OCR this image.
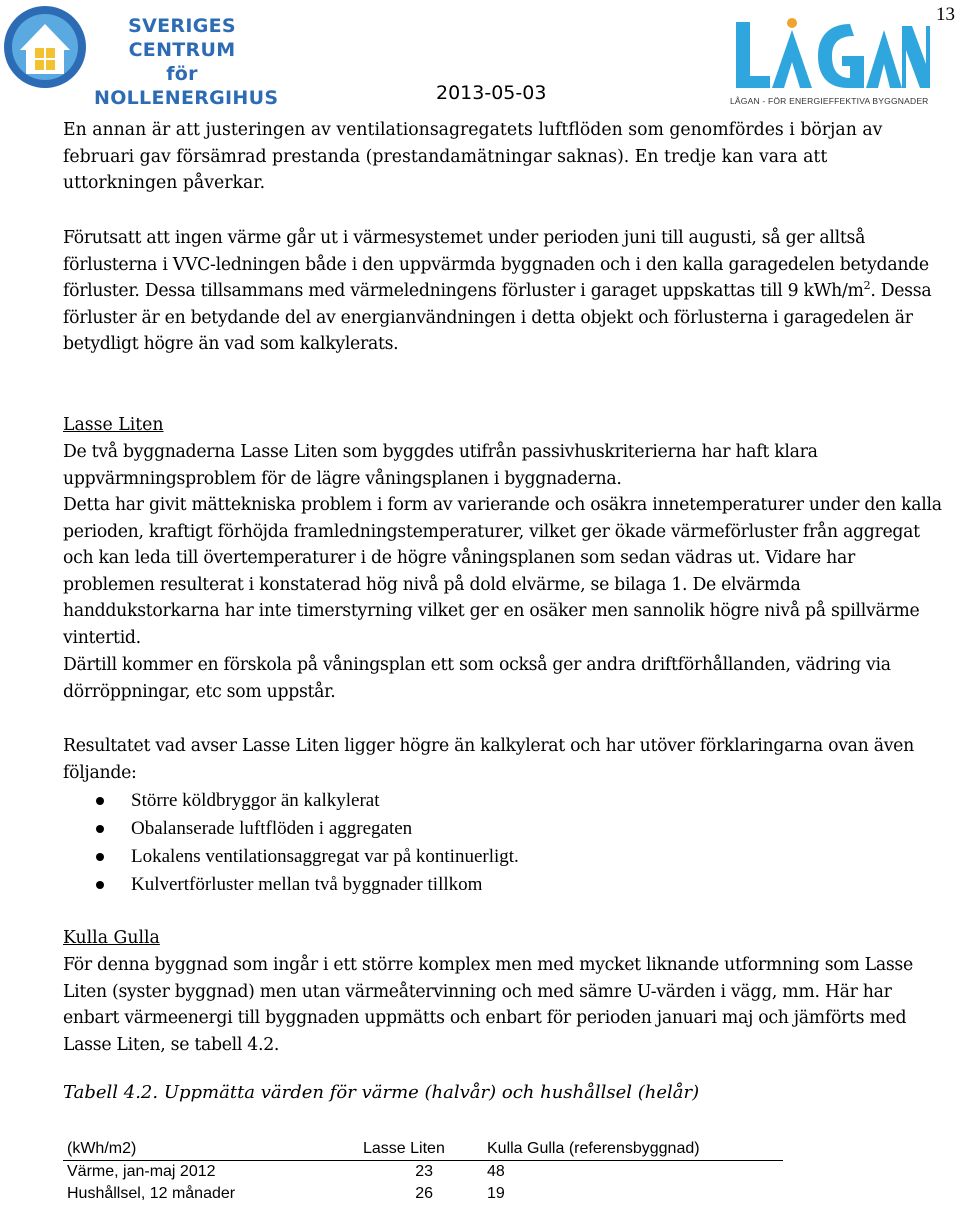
SVERIGES CENTRUM
för
NOLLENERGIHUS	LÅGAN - FÖR ENERGIEFFEKTIVA BYGGNADER
2013-05-03
13
En annan är att justeringen av ventilationsagregatets luftflöden som genomfördes i början av februari gav försämrad prestanda (prestandamätningar saknas). En tredje kan vara att uttorkningen påverkar.
Förutsatt att ingen värme går ut i värmesystemet under perioden juni till augusti, så ger alltså förlusterna i VVC-ledningen både i den uppvärmda byggnaden och i den kalla garagedelen betydande förluster. Dessa tillsammans med värmeledningens förluster i garaget uppskattas till 9 kWh/$m^2$. Dessa förluster är en betydande del av energianvändningen i detta objekt och förlusterna i garagedelen är betydligt högre än vad som kalkylerats.
Lasse Liten
De två byggnaderna Lasse Liten som byggdes utifrån passivhuskriterierna har haft klara uppvärmningsproblem för de lägre våningsplanen i byggnaderna.
Detta har givit mättekniska problem i form av varierande och osäkra innetemperaturer under den kalla perioden, kraftigt förhöjda framledningstemperaturer, vilket ger ökade värmeförluster från aggregat och kan leda till övertemperaturer i de högre våningsplanen som sedan vädras ut. Vidare har problemen resulterat i konstaterad hög nivå på dold elvärme, se bilaga 1. De elvärmda handdukstorkarna har inte timerstyrning vilket ger en osäker men sannolik högre nivå på spillvärme vintertid.
Därtill kommer en förskola på våningsplan ett som också ger andra driftförhållanden, vädring via dörröppningar, etc som uppstår.
Resultatet vad avser Lasse Liten ligger högre än kalkylerat och har utöver förklaringarna ovan även följande:
Större köldbryggor än kalkylerat
Obalanserade luftflöden i aggregaten
Lokalens ventilationsaggregat var på kontinuerligt.
Kulvertförluster mellan två byggnader tillkom
Kulla Gulla
För denna byggnad som ingår i ett större komplex men med mycket liknande utformning som Lasse Liten (syster byggnad) men utan värmeåtervinning och med sämre U-värden i vägg, mm. Här har enbart värmeenergi till byggnaden uppmätts och enbart för perioden januari maj och jämförts med Lasse Liten, se tabell 4.2.
Tabell 4.2. Uppmätta värden för värme (halvår) och hushållsel (helår)
(kWh/m2)	Lasse Liten	Kulla Gulla (referensbyggnad)
Värme, jan-maj 2012	23	48
Hushållsel, 12 månader	26	19
